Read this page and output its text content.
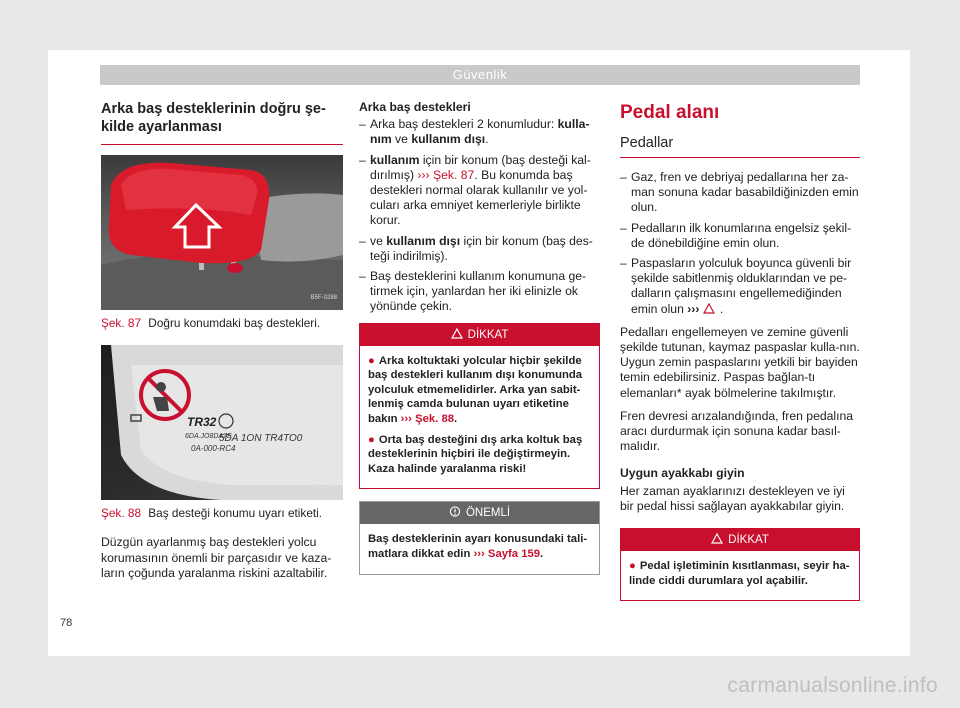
Güvenlik
Arka baş desteklerinin doğru şe-kilde ayarlanması
B5F-0288
Şek. 87 Doğru konumdaki baş destekleri.
5DA 1ON TR4TO0
TR32
6DA.JO8DA7E
0A-000-RC4
B5F-0289
Şek. 88 Baş desteği konumu uyarı etiketi.

Düzgün ayarlanmış baş destekleri yolcu korumasının önemli bir parçasıdır ve kaza-ların çoğunda yaralanma riskini azaltabilir.

Arka baş destekleri
– Arka baş destekleri 2 konumludur: kulla-nım ve kullanım dışı.
– kullanım için bir konum (baş desteği kal-dırılmış) ››› Şek. 87. Bu konumda baş destekleri normal olarak kullanılır ve yol-cuları arka emniyet kemerleriyle birlikte korur.
– ve kullanım dışı için bir konum (baş des-teği indirilmiş).
– Baş desteklerini kullanım konumuna ge-tirmek için, yanlardan her iki elinizle ok yönünde çekin.
DİKKAT

● Arka koltuktaki yolcular hiçbir şekilde baş destekleri kullanım dışı konumunda yolculuk etmemelidirler. Arka yan sabit-lenmiş camda bulunan uyarı etiketine bakın ››› Şek. 88.

● Orta baş desteğini dış arka koltuk baş desteklerinin hiçbiri ile değiştirmeyin. Kaza halinde yaralanma riski!

ÖNEMLİ

Baş desteklerinin ayarı konusundaki tali-matlara dikkat edin ››› Sayfa 159.

Pedal alanı
Pedallar
– Gaz, fren ve debriyaj pedallarına her za-man sonuna kadar basabildiğinizden emin olun.
– Pedalların ilk konumlarına engelsiz şekil-de dönebildiğine emin olun.
– Paspasların yolculuk boyunca güvenli bir şekilde sabitlenmiş olduklarından ve pe-dalların çalışmasını engellemediğinden emin olun ››› .

Pedalları engellemeyen ve zemine güvenli şekilde tutunan, kaymaz paspaslar kulla-nın. Uygun zemin paspaslarını yetkili bir bayiden temin edebilirsiniz. Paspas bağlan-tı elemanları* ayak bölmelerine takılmıştır.

Fren devresi arızalandığında, fren pedalına aracı durdurmak için sonuna kadar basıl-malıdır.

Uygun ayakkabı giyin

Her zaman ayaklarınızı destekleyen ve iyi bir pedal hissi sağlayan ayakkabılar giyin.

DİKKAT

● Pedal işletiminin kısıtlanması, seyir ha-linde ciddi durumlara yol açabilir.

78
carmanualsonline.info
